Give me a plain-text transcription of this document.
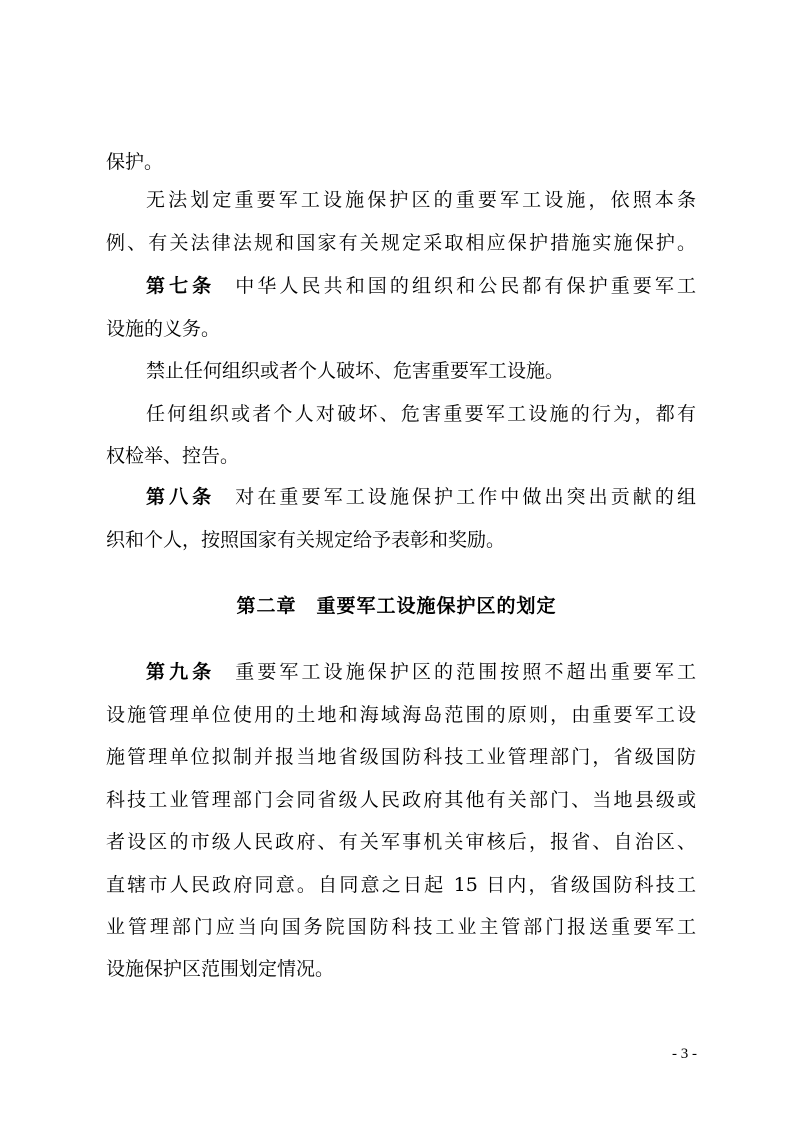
保护。
无法划定重要军工设施保护区的重要军工设施，依照本条
例、有关法律法规和国家有关规定采取相应保护措施实施保护。
第七条 中华人民共和国的组织和公民都有保护重要军工
设施的义务。
禁止任何组织或者个人破坏、危害重要军工设施。
任何组织或者个人对破坏、危害重要军工设施的行为，都有
权检举、控告。
第八条 对在重要军工设施保护工作中做出突出贡献的组
织和个人，按照国家有关规定给予表彰和奖励。
第二章　重要军工设施保护区的划定
第九条 重要军工设施保护区的范围按照不超出重要军工
设施管理单位使用的土地和海域海岛范围的原则，由重要军工设
施管理单位拟制并报当地省级国防科技工业管理部门，省级国防
科技工业管理部门会同省级人民政府其他有关部门、当地县级或
者设区的市级人民政府、有关军事机关审核后，报省、自治区、
直辖市人民政府同意。自同意之日起 15 日内，省级国防科技工
业管理部门应当向国务院国防科技工业主管部门报送重要军工
设施保护区范围划定情况。
- 3 -
